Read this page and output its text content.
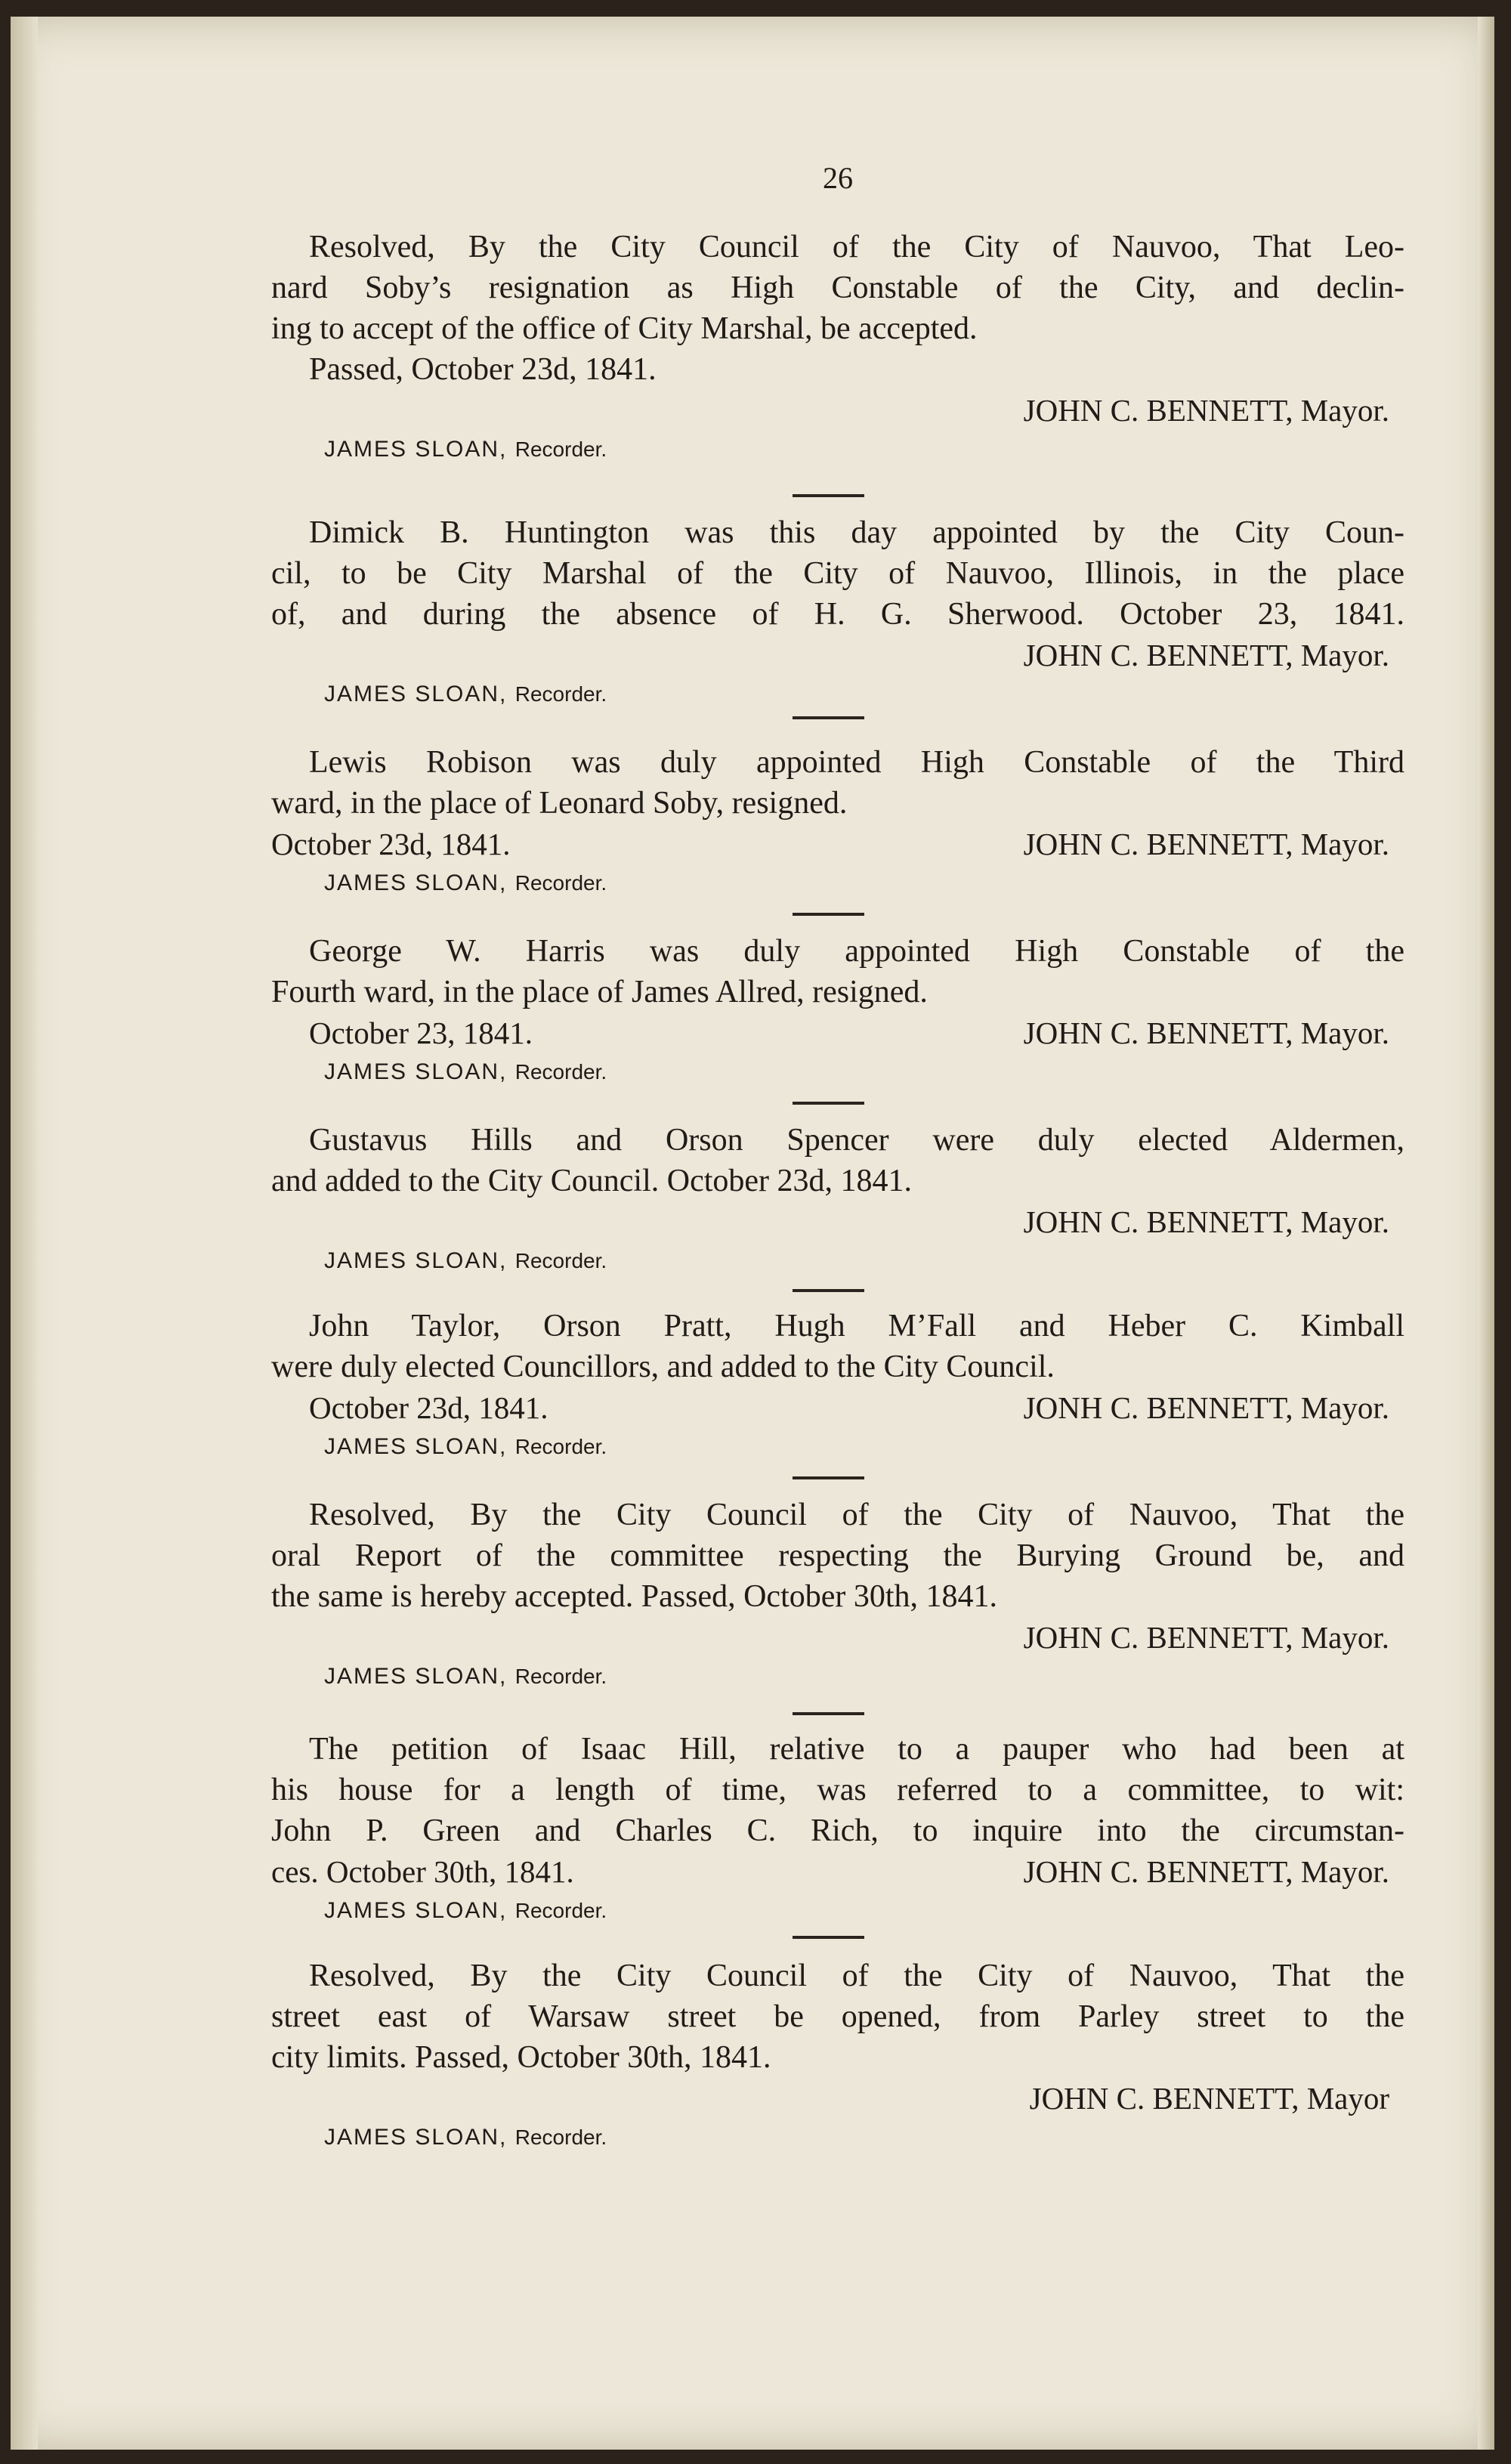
26
Resolved, By the City Council of the City of Nauvoo, That Leo-
nard Soby’s resignation as High Constable of the City, and declin-
ing to accept of the office of City Marshal, be accepted.
Passed, October 23d, 1841.
JOHN C. BENNETT, Mayor.
JAMES SLOAN, Recorder.
Dimick B. Huntington was this day appointed by the City Coun-
cil, to be City Marshal of the City of Nauvoo, Illinois, in the place
of, and during the absence of H. G. Sherwood. October 23, 1841.
JOHN C. BENNETT, Mayor.
JAMES SLOAN, Recorder.
Lewis Robison was duly appointed High Constable of the Third
ward, in the place of Leonard Soby, resigned.
October 23d, 1841.	JOHN C. BENNETT, Mayor.
JAMES SLOAN, Recorder.
George W. Harris was duly appointed High Constable of the
Fourth ward, in the place of James Allred, resigned.
October 23, 1841.	JOHN C. BENNETT, Mayor.
JAMES SLOAN, Recorder.
Gustavus Hills and Orson Spencer were duly elected Aldermen,
and added to the City Council. October 23d, 1841.
JOHN C. BENNETT, Mayor.
JAMES SLOAN, Recorder.
John Taylor, Orson Pratt, Hugh M’Fall and Heber C. Kimball
were duly elected Councillors, and added to the City Council.
October 23d, 1841.	JONH C. BENNETT, Mayor.
JAMES SLOAN, Recorder.
Resolved, By the City Council of the City of Nauvoo, That the
oral Report of the committee respecting the Burying Ground be, and
the same is hereby accepted. Passed, October 30th, 1841.
JOHN C. BENNETT, Mayor.
JAMES SLOAN, Recorder.
The petition of Isaac Hill, relative to a pauper who had been at
his house for a length of time, was referred to a committee, to wit:
John P. Green and Charles C. Rich, to inquire into the circumstan-
ces. October 30th, 1841.	JOHN C. BENNETT, Mayor.
JAMES SLOAN, Recorder.
Resolved, By the City Council of the City of Nauvoo, That the
street east of Warsaw street be opened, from Parley street to the
city limits. Passed, October 30th, 1841.
JOHN C. BENNETT, Mayor
JAMES SLOAN, Recorder.
